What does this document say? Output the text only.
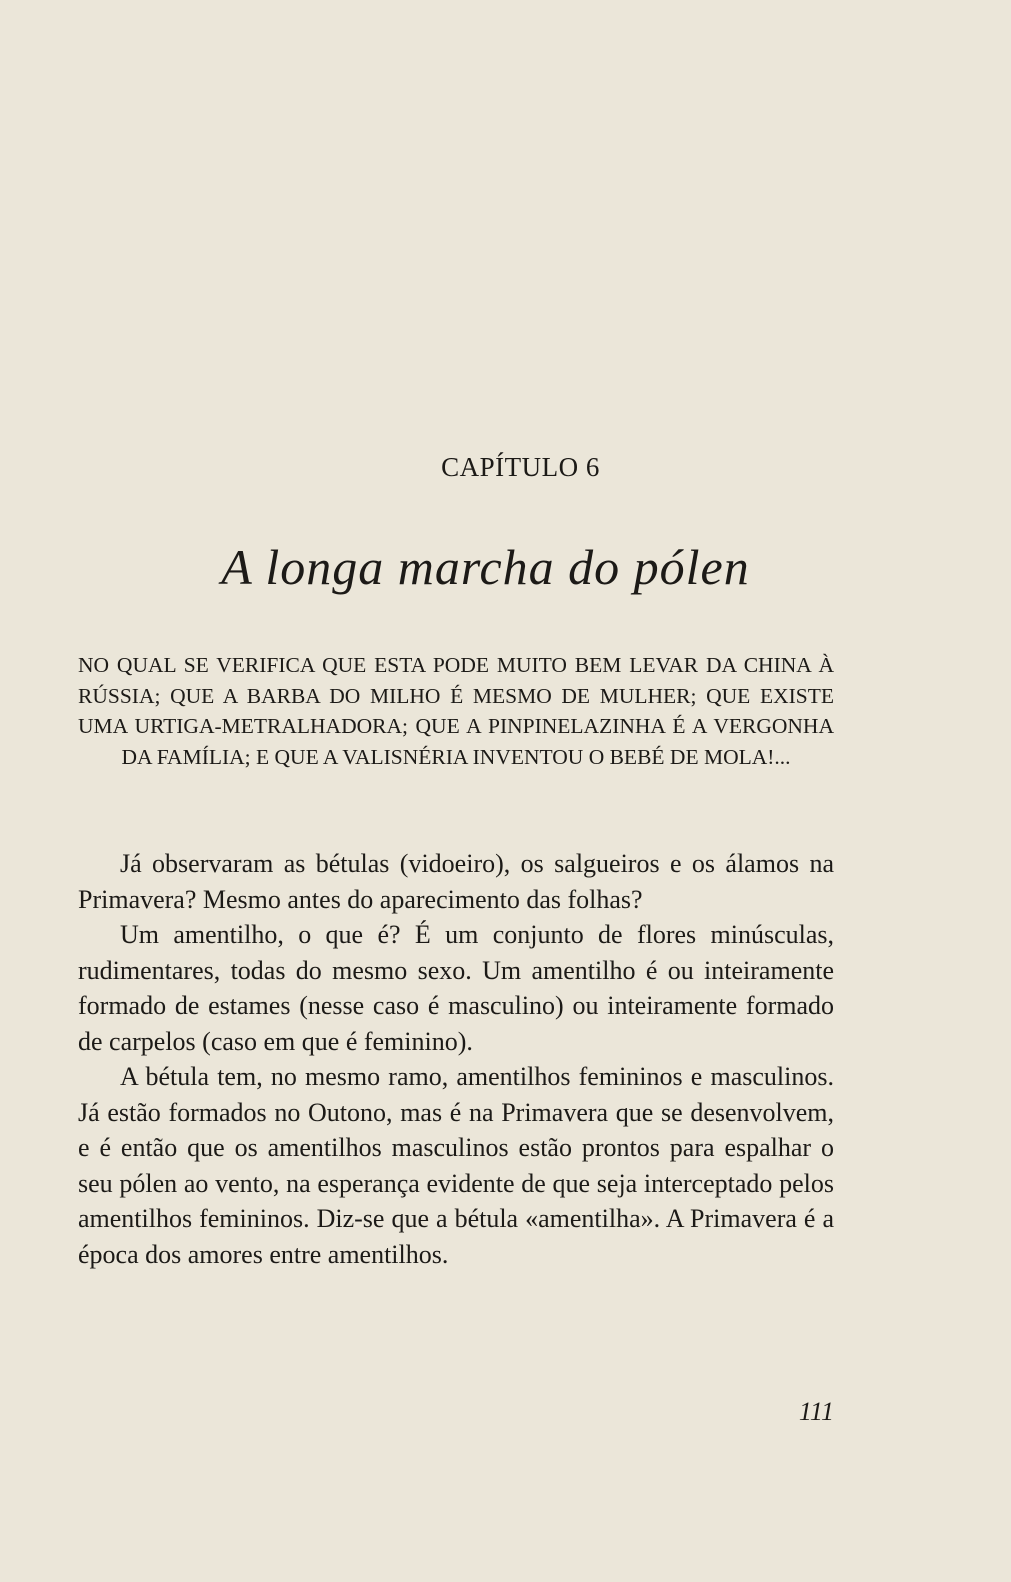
CAPÍTULO 6
A longa marcha do pólen
NO QUAL SE VERIFICA QUE ESTA PODE MUITO BEM LEVAR DA CHINA À RÚSSIA; QUE A BARBA DO MILHO É MESMO DE MULHER; QUE EXISTE UMA URTIGA-METRALHADORA; QUE A PINPINELAZINHA É A VERGONHA DA FAMÍLIA; E QUE A VALISNÉRIA INVENTOU O BEBÉ DE MOLA!...

Já observaram as bétulas (vidoeiro), os salgueiros e os álamos na Primavera? Mesmo antes do aparecimento das folhas?

Um amentilho, o que é? É um conjunto de flores minúsculas, rudimentares, todas do mesmo sexo. Um amentilho é ou inteiramente formado de estames (nesse caso é masculino) ou inteiramente formado de carpelos (caso em que é feminino).

A bétula tem, no mesmo ramo, amentilhos femininos e masculinos. Já estão formados no Outono, mas é na Primavera que se desenvolvem, e é então que os amentilhos masculinos estão prontos para espalhar o seu pólen ao vento, na esperança evidente de que seja interceptado pelos amentilhos femininos. Diz-se que a bétula «amentilha». A Primavera é a época dos amores entre amentilhos.

111
